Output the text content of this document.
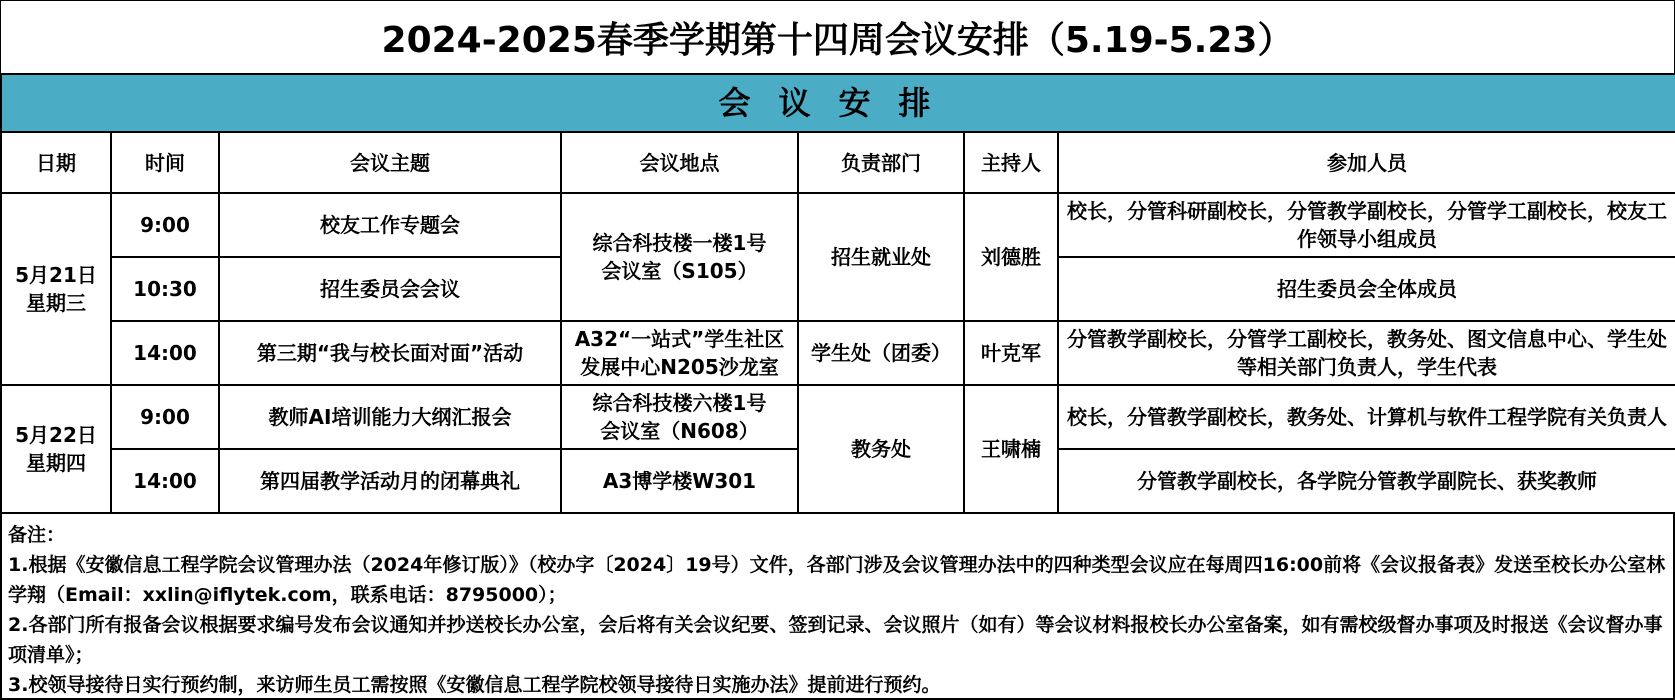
2024-2025春季学期第十四周会议安排（5.19-5.23）
会议安排						
日期	时间	会议主题	会议地点	负责部门	主持人	参加人员

5月21日
星期三	9:00	校友工作专题会	综合科技楼一楼1号会议室（S105）	招生就业处	刘德胜	校长，分管科研副校长，分管教学副校长，分管学工副校长，校友工作领导小组成员
	10:30	招生委员会会议				招生委员会全体成员
	14:00	第三期“我与校长面对面”活动	A32“一站式”学生社区发展中心N205沙龙室	学生处（团委）	叶克军	分管教学副校长，分管学工副校长，教务处、图文信息中心、学生处等相关部门负责人，学生代表

5月22日
星期四	9:00	教师AI培训能力大纲汇报会	综合科技楼六楼1号会议室（N608）	教务处	王啸楠	校长，分管教学副校长，教务处、计算机与软件工程学院有关负责人
	14:00	第四届教学活动月的闭幕典礼	A3博学楼W301			分管教学副校长，各学院分管教学副院长、获奖教师

备注：

1.根据《安徽信息工程学院会议管理办法（2024年修订版）》（校办字〔2024〕19号）文件，各部门涉及会议管理办法中的四种类型会议应在每周四16:00前将《会议报备表》发送至校长办公室林学翔（Email：xxlin@iflytek.com，联系电话：8795000）；

2.各部门所有报备会议根据要求编号发布会议通知并抄送校长办公室，会后将有关会议纪要、签到记录、会议照片（如有）等会议材料报校长办公室备案，如有需校级督办事项及时报送《会议督办事项清单》；

3.校领导接待日实行预约制，来访师生员工需按照《安徽信息工程学院校领导接待日实施办法》提前进行预约。
